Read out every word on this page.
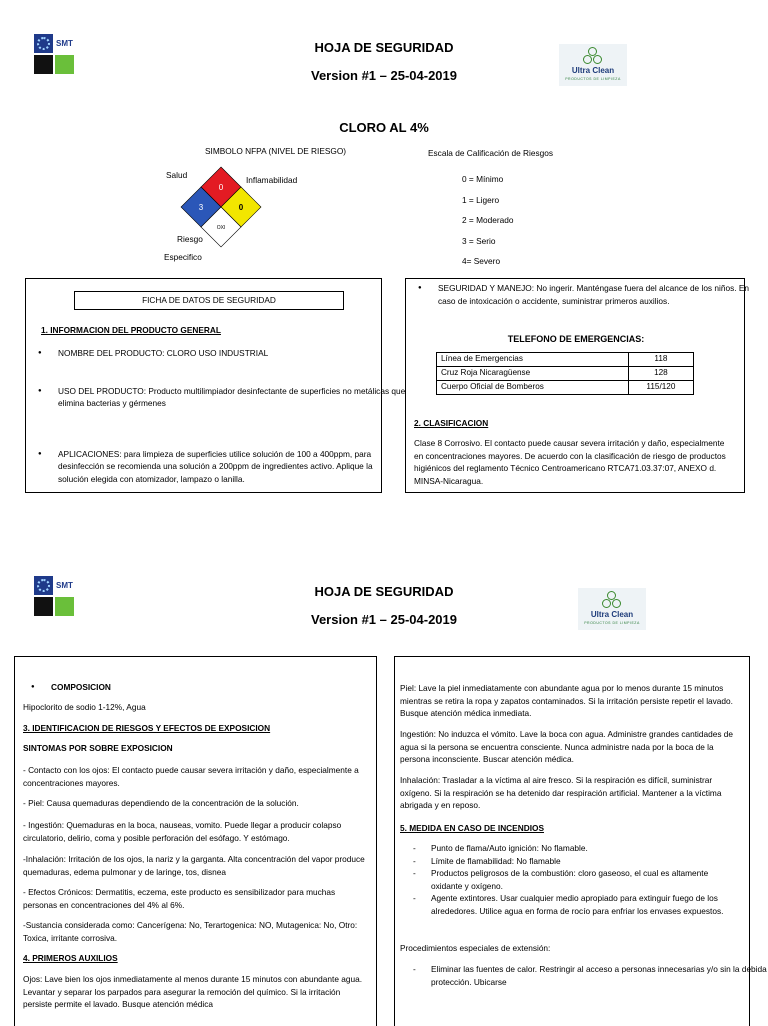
SMT
⚒
HOJA DE SEGURIDAD
Version #1 – 25-04-2019	Ultra Clean
PRODUCTOS DE LIMPIEZA
CLORO AL 4%
SIMBOLO NFPA (NIVEL DE RIESGO)
0
3	0
OXI
Salud	Inflamabilidad
Riesgo
Especifico
Escala de Calificación de Riesgos
0 = Mínimo
1 = Ligero
2 = Moderado
3 = Serio
4= Severo
FICHA DE DATOS DE SEGURIDAD
1. INFORMACION DEL PRODUCTO GENERAL
● NOMBRE DEL PRODUCTO: CLORO USO INDUSTRIAL
● USO DEL PRODUCTO: Producto multilimpiador desinfectante de superficies no metálicas que elimina bacterias y gérmenes
● APLICACIONES: para limpieza de superficies utilice solución de 100 a 400ppm, para desinfección se recomienda una solución a 200ppm de ingredientes activo. Aplique la solución elegida con atomizador, lampazo o lanilla.
● SEGURIDAD Y MANEJO: No ingerir. Manténgase fuera del alcance de los niños. En caso de intoxicación o accidente, suministrar primeros auxilios.
TELEFONO DE EMERGENCIAS:
Línea de Emergencias	118
Cruz Roja Nicaragüense	128
Cuerpo Oficial de Bomberos	115/120
2. CLASIFICACION
Clase 8 Corrosivo. El contacto puede causar severa irritación y daño, especialmente en concentraciones mayores. De acuerdo con la clasificación de riesgo de productos higiénicos del reglamento Técnico Centroamericano RTCA71.03.37:07, ANEXO d. MINSA-Nicaragua.
SMT
⚒
HOJA DE SEGURIDAD
Version #1 – 25-04-2019	Ultra Clean
PRODUCTOS DE LIMPIEZA
● COMPOSICION
Hipoclorito de sodio 1-12%, Agua
3. IDENTIFICACION DE RIESGOS Y EFECTOS DE EXPOSICION
SINTOMAS POR SOBRE EXPOSICION
- Contacto con los ojos: El contacto puede causar severa irritación y daño, especialmente a concentraciones mayores.
- Piel: Causa quemaduras dependiendo de la concentración de la solución.
- Ingestión: Quemaduras en la boca, nauseas, vomito. Puede llegar a producir colapso circulatorio, delirio, coma y posible perforación del esófago. Y estómago.
-Inhalación: Irritación de los ojos, la nariz y la garganta. Alta concentración del vapor produce quemaduras, edema pulmonar y de laringe, tos, disnea
- Efectos Crónicos: Dermatitis, eczema, este producto es sensibilizador para muchas personas en concentraciones del 4% al 6%.
-Sustancia considerada como: Cancerígena: No, Terartogenica: NO, Mutagenica: No, Otro: Toxica, irritante corrosiva.
4. PRIMEROS AUXILIOS
Ojos: Lave bien los ojos inmediatamente al menos durante 15 minutos con abundante agua. Levantar y separar los parpados para asegurar la remoción del químico. Si la irritación persiste permite el lavado. Busque atención médica
Piel: Lave la piel inmediatamente con abundante agua por lo menos durante 15 minutos mientras se retira la ropa y zapatos contaminados. Si la irritación persiste repetir el lavado. Busque atención médica inmediata.
Ingestión: No induzca el vómito. Lave la boca con agua. Administre grandes cantidades de agua si la persona se encuentra consciente. Nunca administre nada por la boca de la persona inconsciente. Buscar atención médica.
Inhalación: Trasladar a la víctima al aire fresco. Si la respiración es difícil, suministrar oxígeno. Si la respiración se ha detenido dar respiración artificial. Mantener a la víctima abrigada y en reposo.
5. MEDIDA EN CASO DE INCENDIOS
- Punto de flama/Auto ignición: No flamable.
- Límite de flamabilidad: No flamable
- Productos peligrosos de la combustión: cloro gaseoso, el cual es altamente oxidante y oxígeno.
- Agente extintores. Usar cualquier medio apropiado para extinguir fuego de los alrededores. Utilice agua en forma de rocío para enfriar los envases expuestos.
Procedimientos especiales de extensión:
- Eliminar las fuentes de calor. Restringir al acceso a personas innecesarias y/o sin la debida protección. Ubicarse
